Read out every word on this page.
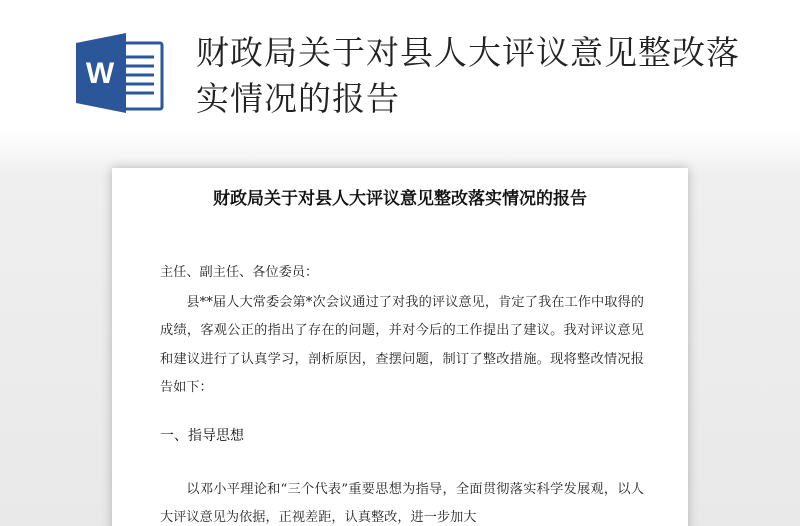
W
财政局关于对县人大评议意见整改落实情况的报告
财政局关于对县人大评议意见整改落实情况的报告
主任、副主任、各位委员：
县**届人大常委会第*次会议通过了对我的评议意见，肯定了我在工作中取得的成绩，客观公正的指出了存在的问题，并对今后的工作提出了建议。我对评议意见和建议进行了认真学习，剖析原因，查摆问题，制订了整改措施。现将整改情况报告如下：
一、指导思想
以邓小平理论和“三个代表”重要思想为指导，全面贯彻落实科学发展观，以人大评议意见为依据，正视差距，认真整改，进一步加大
